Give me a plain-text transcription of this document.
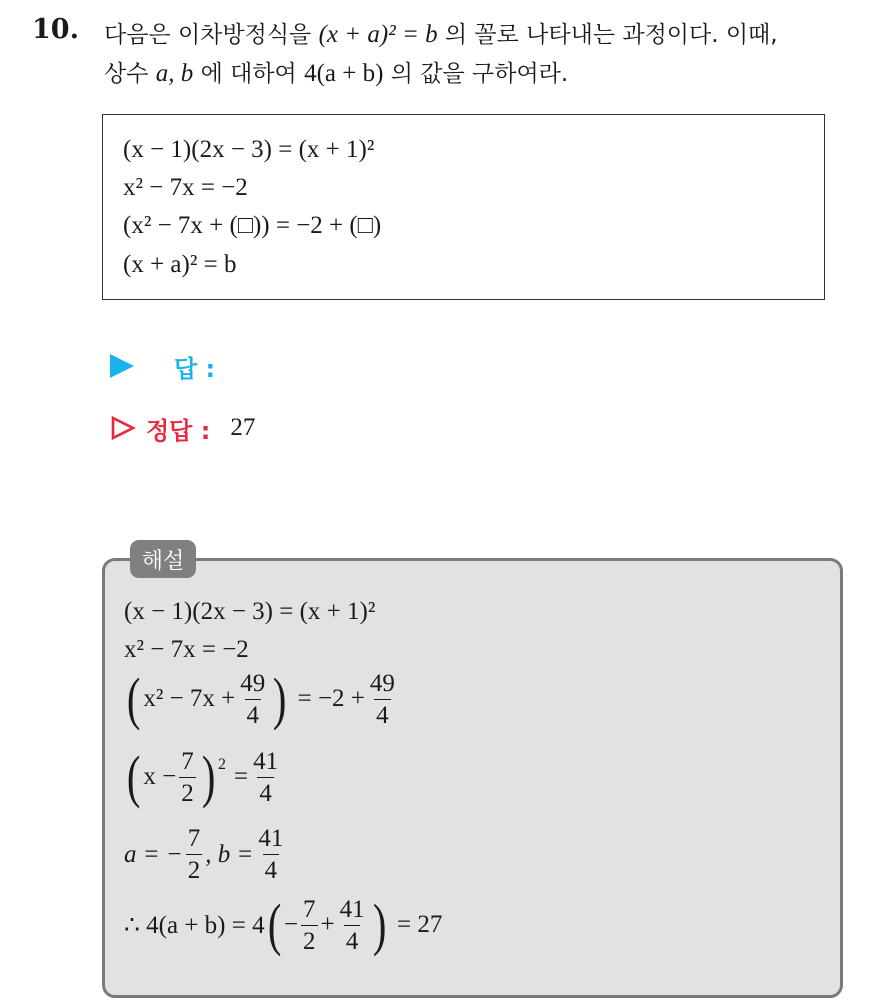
10. 다음은 이차방정식을 (x + a)² = b 의 꼴로 나타내는 과정이다. 이때,
상수 a, b 에 대하여 4(a + b) 의 값을 구하여라.
(x − 1)(2x − 3) = (x + 1)²
x² − 7x = −2
(x² − 7x + (□)) = −2 + (□)
(x + a)² = b
답 :
정답 : 27
해설
(x − 1)(2x − 3) = (x + 1)²
x² − 7x = −2
( $x^2 - 7x + \frac{49}{4}$ ) = $-2 + \frac{49}{4}$
( $x - \frac{7}{2}$ ) $2 = \frac{41}{4}$
a = − $\frac{7}{2}$ , $b = \frac{41}{4}$
∴ 4(a + b) = 4 ( − $\frac{7}{2} + \frac{41}{4}$ ) = 27
